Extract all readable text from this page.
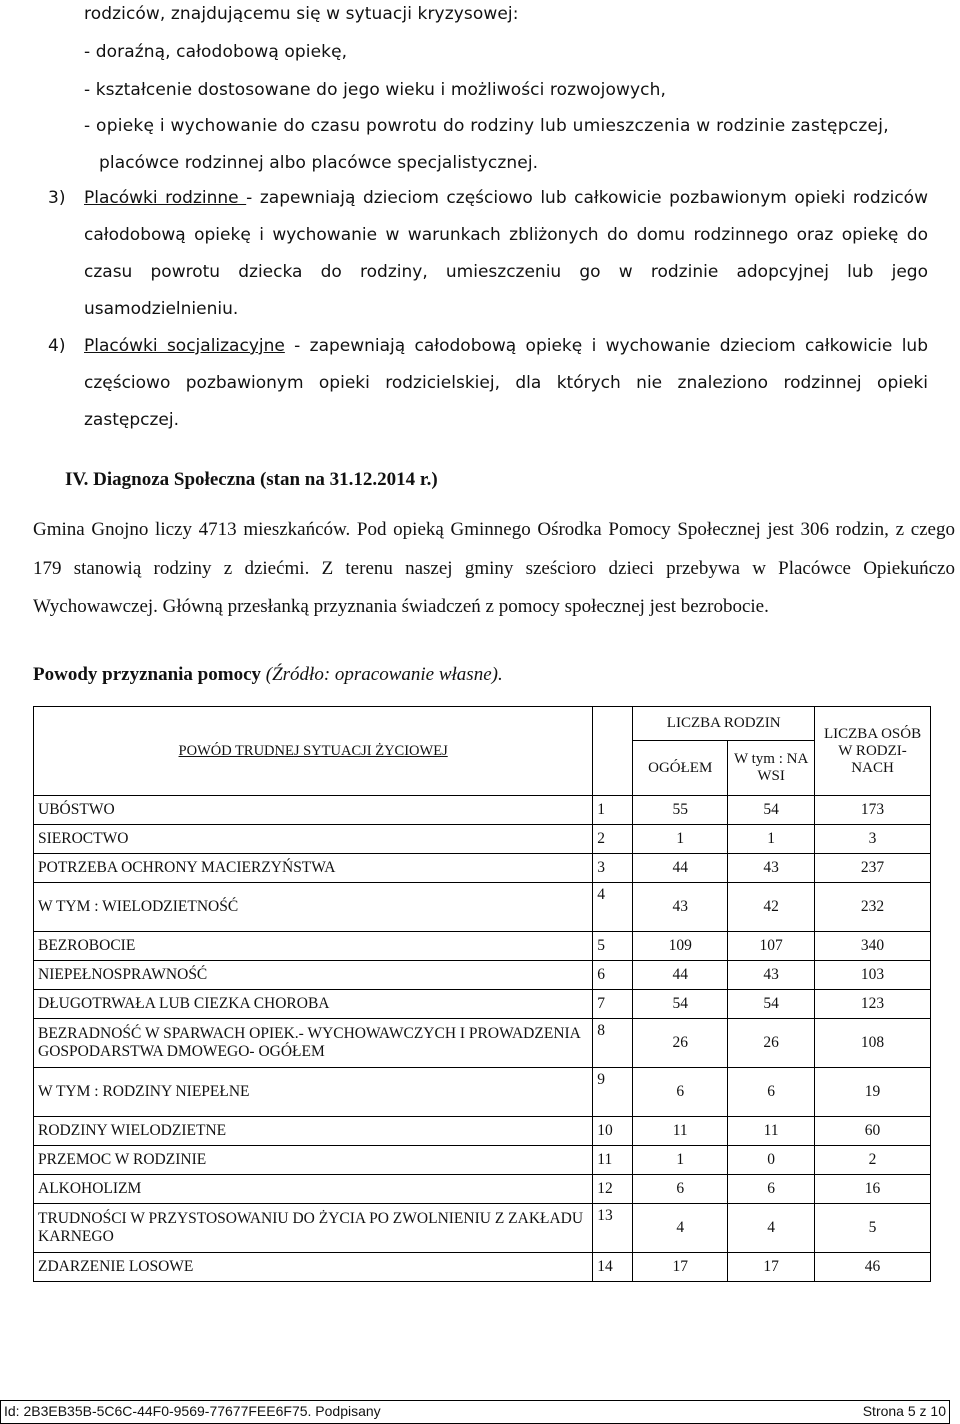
rodziców, znajdującemu się w sytuacji kryzysowej:
- doraźną, całodobową opiekę,
- kształcenie dostosowane do jego wieku i możliwości rozwojowych,
- opiekę i wychowanie do czasu powrotu do rodziny lub umieszczenia w rodzinie zastępczej,
placówce rodzinnej albo placówce specjalistycznej.
3) Placówki rodzinne - zapewniają dzieciom częściowo lub całkowicie pozbawionym opieki rodziców całodobową opiekę i wychowanie w warunkach zbliżonych do domu rodzinnego oraz opiekę do czasu powrotu dziecka do rodziny, umieszczeniu go w rodzinie adopcyjnej lub jego usamodzielnieniu.
4) Placówki socjalizacyjne - zapewniają całodobową opiekę i wychowanie dzieciom całkowicie lub częściowo pozbawionym opieki rodzicielskiej, dla których nie znaleziono rodzinnej opieki zastępczej.
IV. Diagnoza Społeczna (stan na 31.12.2014 r.)
Gmina Gnojno liczy 4713 mieszkańców. Pod opieką Gminnego Ośrodka Pomocy Społecznej jest 306 rodzin, z czego 179 stanowią rodziny z dziećmi. Z terenu naszej gminy sześcioro dzieci przebywa w Placówce Opiekuńczo Wychowawczej. Główną przesłanką przyznania świadczeń z pomocy społecznej jest bezrobocie.
Powody przyznania pomocy (Źródło: opracowanie własne).
POWÓD TRUDNEJ SYTUACJI ŻYCIOWEJ		LICZBA RODZIN		LICZBA OSÓB W RODZI-NACH
		OGÓŁEM	W tym : NA WSI	
UBÓSTWO	1	55	54	173
SIEROCTWO	2	1	1	3
POTRZEBA OCHRONY MACIERZYŃSTWA	3	44	43	237
W TYM : WIELODZIETNOŚĆ	4	43	42	232
BEZROBOCIE	5	109	107	340
NIEPEŁNOSPRAWNOŚĆ	6	44	43	103
DŁUGOTRWAŁA LUB CIEZKA CHOROBA	7	54	54	123
BEZRADNOŚĆ W SPARWACH OPIEK.- WYCHOWAWCZYCH I PROWADZENIA GOSPODARSTWA DMOWEGO- OGÓŁEM	8	26	26	108
W TYM : RODZINY NIEPEŁNE	9	6	6	19
RODZINY WIELODZIETNE	10	11	11	60
PRZEMOC W RODZINIE	11	1	0	2
ALKOHOLIZM	12	6	6	16
TRUDNOŚCI W PRZYSTOSOWANIU DO ŻYCIA PO ZWOLNIENIU Z ZAKŁADU KARNEGO	13	4	4	5
ZDARZENIE LOSOWE	14	17	17	46
Id: 2B3EB35B-5C6C-44F0-9569-77677FEE6F75. Podpisany	Strona 5 z 10
